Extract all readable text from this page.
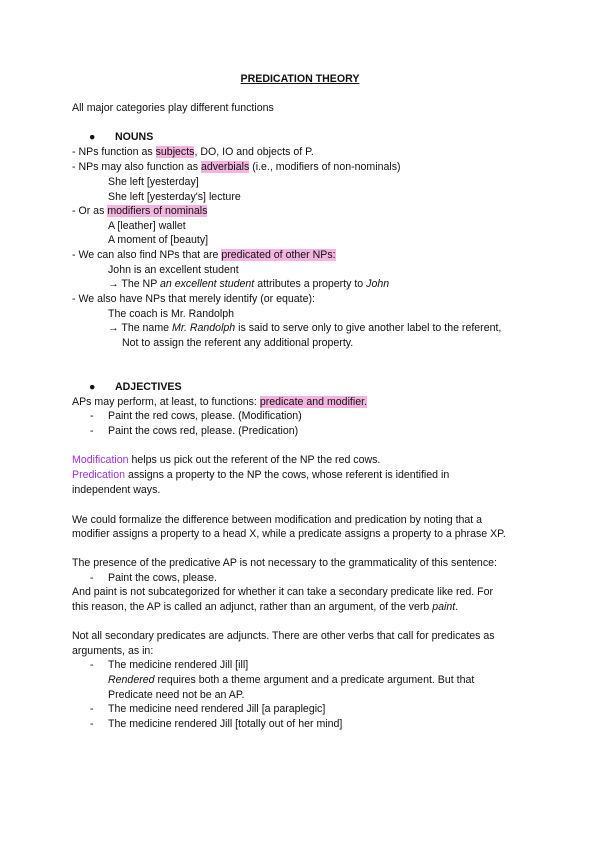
PREDICATION THEORY
All major categories play different functions
● NOUNS
- NPs function as subjects, DO, IO and objects of P.
- NPs may also function as adverbials (i.e., modifiers of non-nominals)
She left [yesterday]
She left [yesterday's] lecture
- Or as modifiers of nominals
A [leather] wallet
A moment of [beauty]
- We can also find NPs that are predicated of other NPs:
John is an excellent student
→ The NP an excellent student attributes a property to John
- We also have NPs that merely identify (or equate):
The coach is Mr. Randolph
→ The name Mr. Randolph is said to serve only to give another label to the referent,
Not to assign the referent any additional property.
● ADJECTIVES
APs may perform, at least, to functions: predicate and modifier.
- Paint the red cows, please. (Modification)
- Paint the cows red, please. (Predication)
Modification helps us pick out the referent of the NP the red cows.
Predication assigns a property to the NP the cows, whose referent is identified in
independent ways.
We could formalize the difference between modification and predication by noting that a
modifier assigns a property to a head X, while a predicate assigns a property to a phrase XP.
The presence of the predicative AP is not necessary to the grammaticality of this sentence:
- Paint the cows, please.
And paint is not subcategorized for whether it can take a secondary predicate like red. For
this reason, the AP is called an adjunct, rather than an argument, of the verb paint.
Not all secondary predicates are adjuncts. There are other verbs that call for predicates as
arguments, as in:
- The medicine rendered Jill [ill]
Rendered requires both a theme argument and a predicate argument. But that
Predicate need not be an AP.
- The medicine need rendered Jill [a paraplegic]
- The medicine rendered Jill [totally out of her mind]
